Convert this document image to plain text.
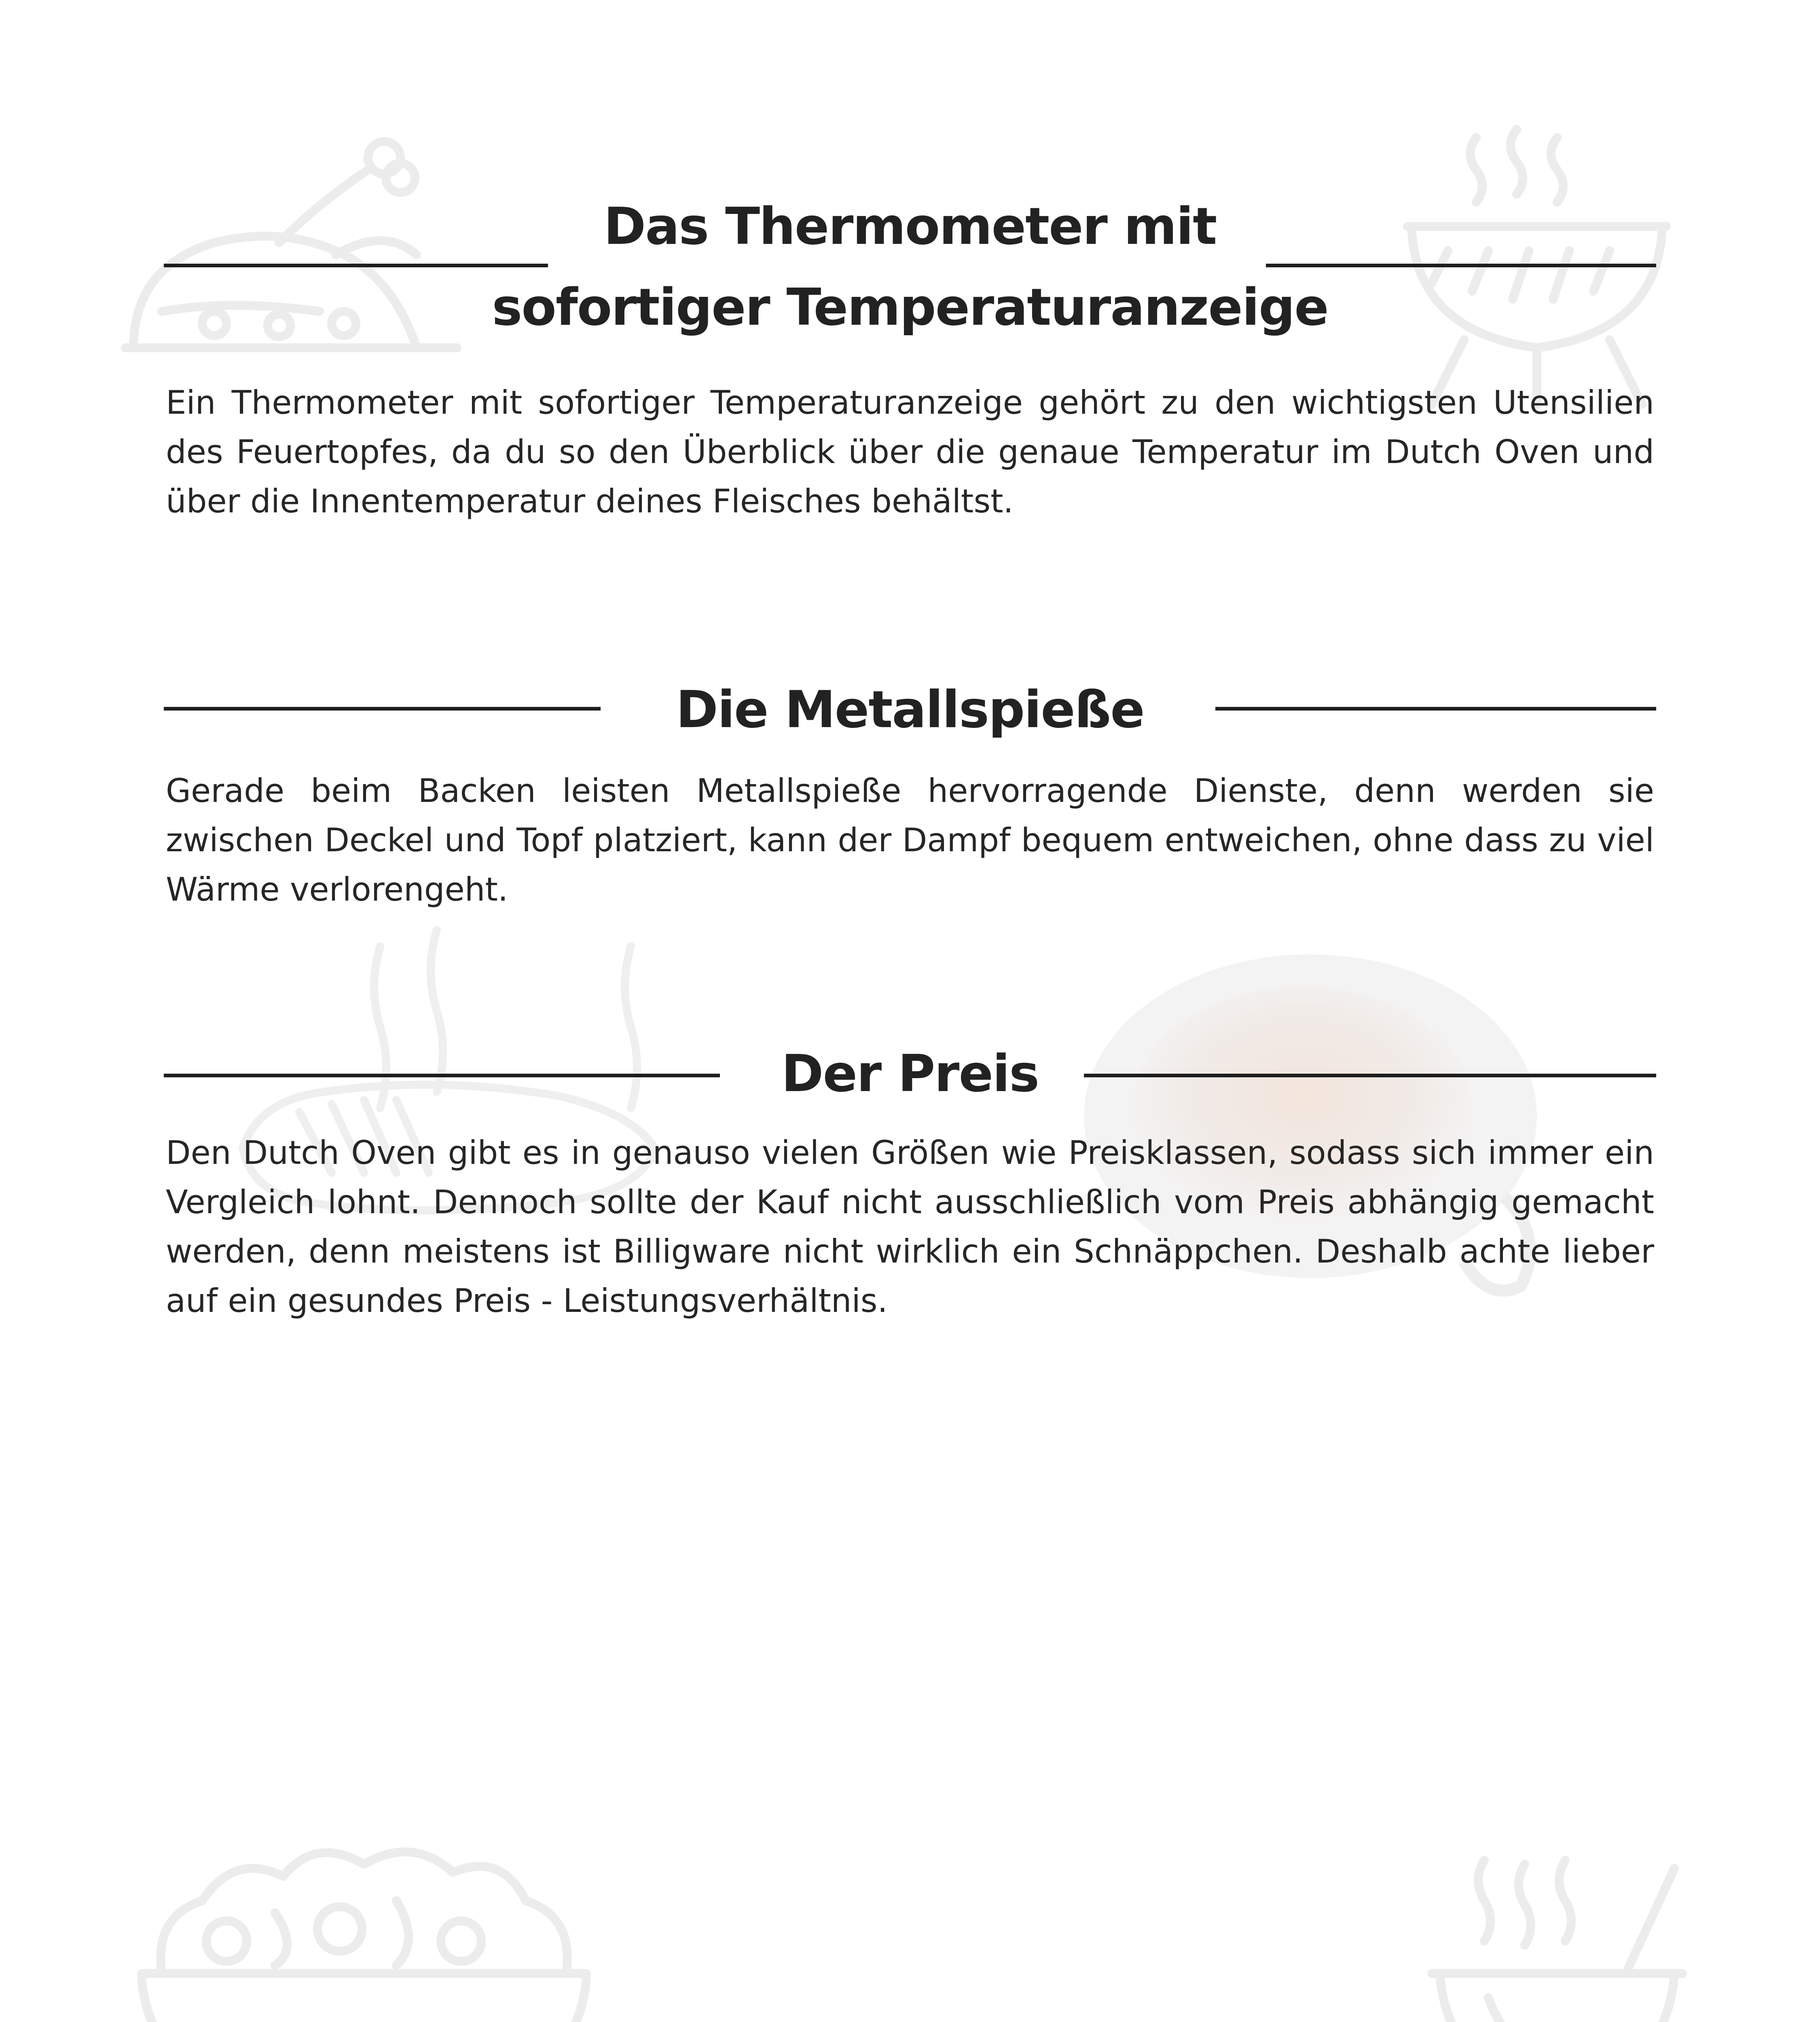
Das Thermometer mit
sofortiger Temperaturanzeige

Ein Thermometer mit sofortiger Temperaturanzeige gehört zu den wichtigsten Utensilien des Feuertopfes, da du so den Überblick über die genaue Temperatur im Dutch Oven und über die Innentemperatur deines Fleisches behältst.

Die Metallspieße

Gerade beim Backen leisten Metallspieße hervorragende Dienste, denn werden sie zwischen Deckel und Topf platziert, kann der Dampf bequem entweichen, ohne dass zu viel Wärme verlorengeht.

Der Preis

Den Dutch Oven gibt es in genauso vielen Größen wie Preisklassen, sodass sich immer ein Vergleich lohnt. Dennoch sollte der Kauf nicht ausschließlich vom Preis abhängig gemacht werden, denn meistens ist Billigware nicht wirklich ein Schnäppchen. Deshalb achte lieber auf ein gesundes Preis - Leistungsverhältnis.
